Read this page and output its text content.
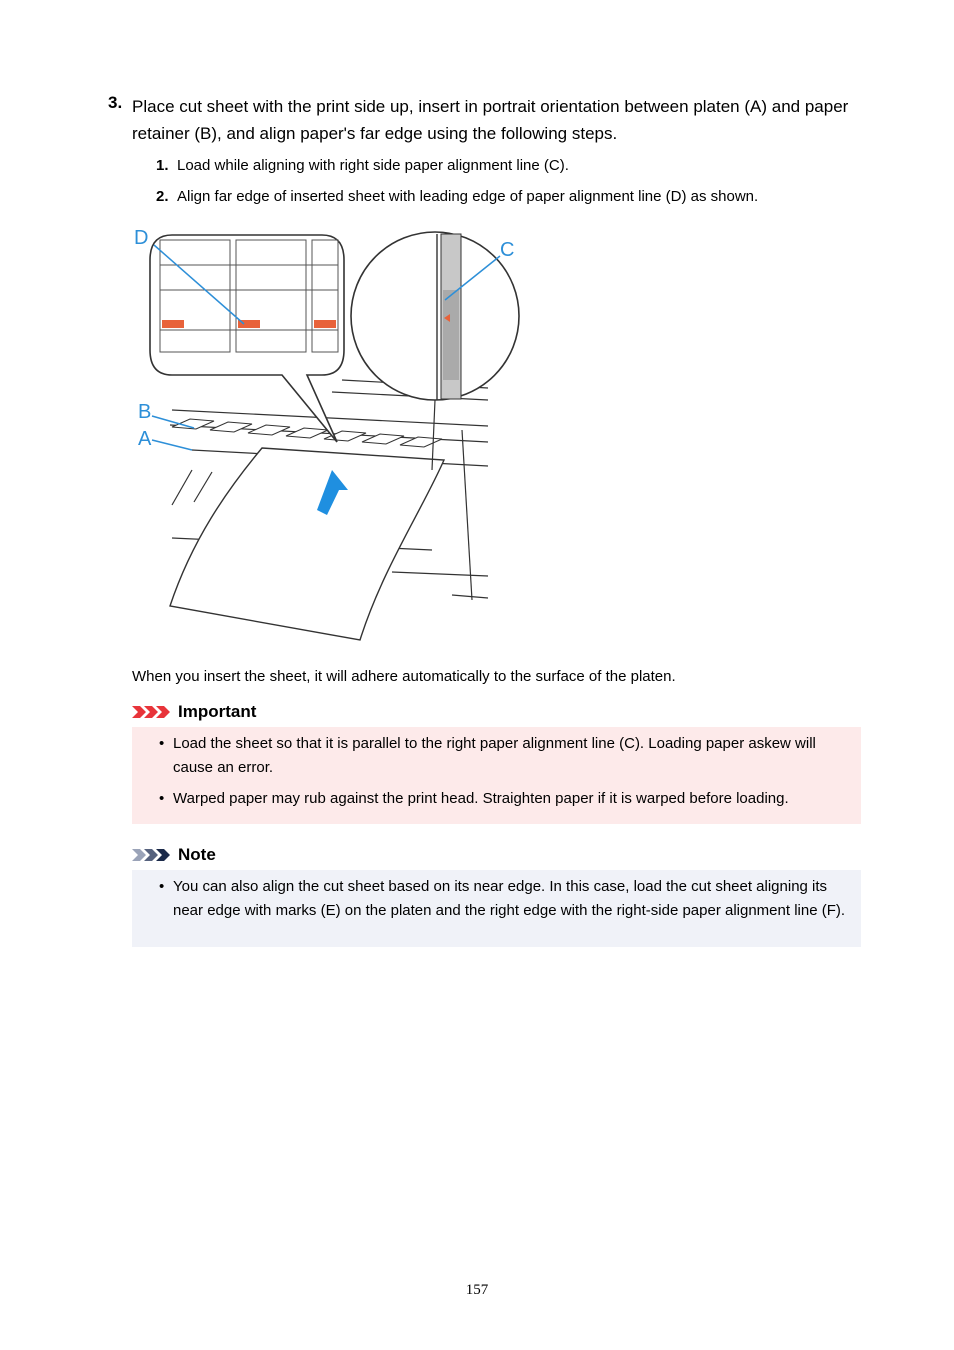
3. Place cut sheet with the print side up, insert in portrait orientation between platen (A) and paper retainer (B), and align paper's far edge using the following steps.
1. Load while aligning with right side paper alignment line (C).
2. Align far edge of inserted sheet with leading edge of paper alignment line (D) as shown.
D
C
B
A
When you insert the sheet, it will adhere automatically to the surface of the platen.
Important
• Load the sheet so that it is parallel to the right paper alignment line (C). Loading paper askew will cause an error.
• Warped paper may rub against the print head. Straighten paper if it is warped before loading.
Note
• You can also align the cut sheet based on its near edge. In this case, load the cut sheet aligning its near edge with marks (E) on the platen and the right edge with the right-side paper alignment line (F).
157
